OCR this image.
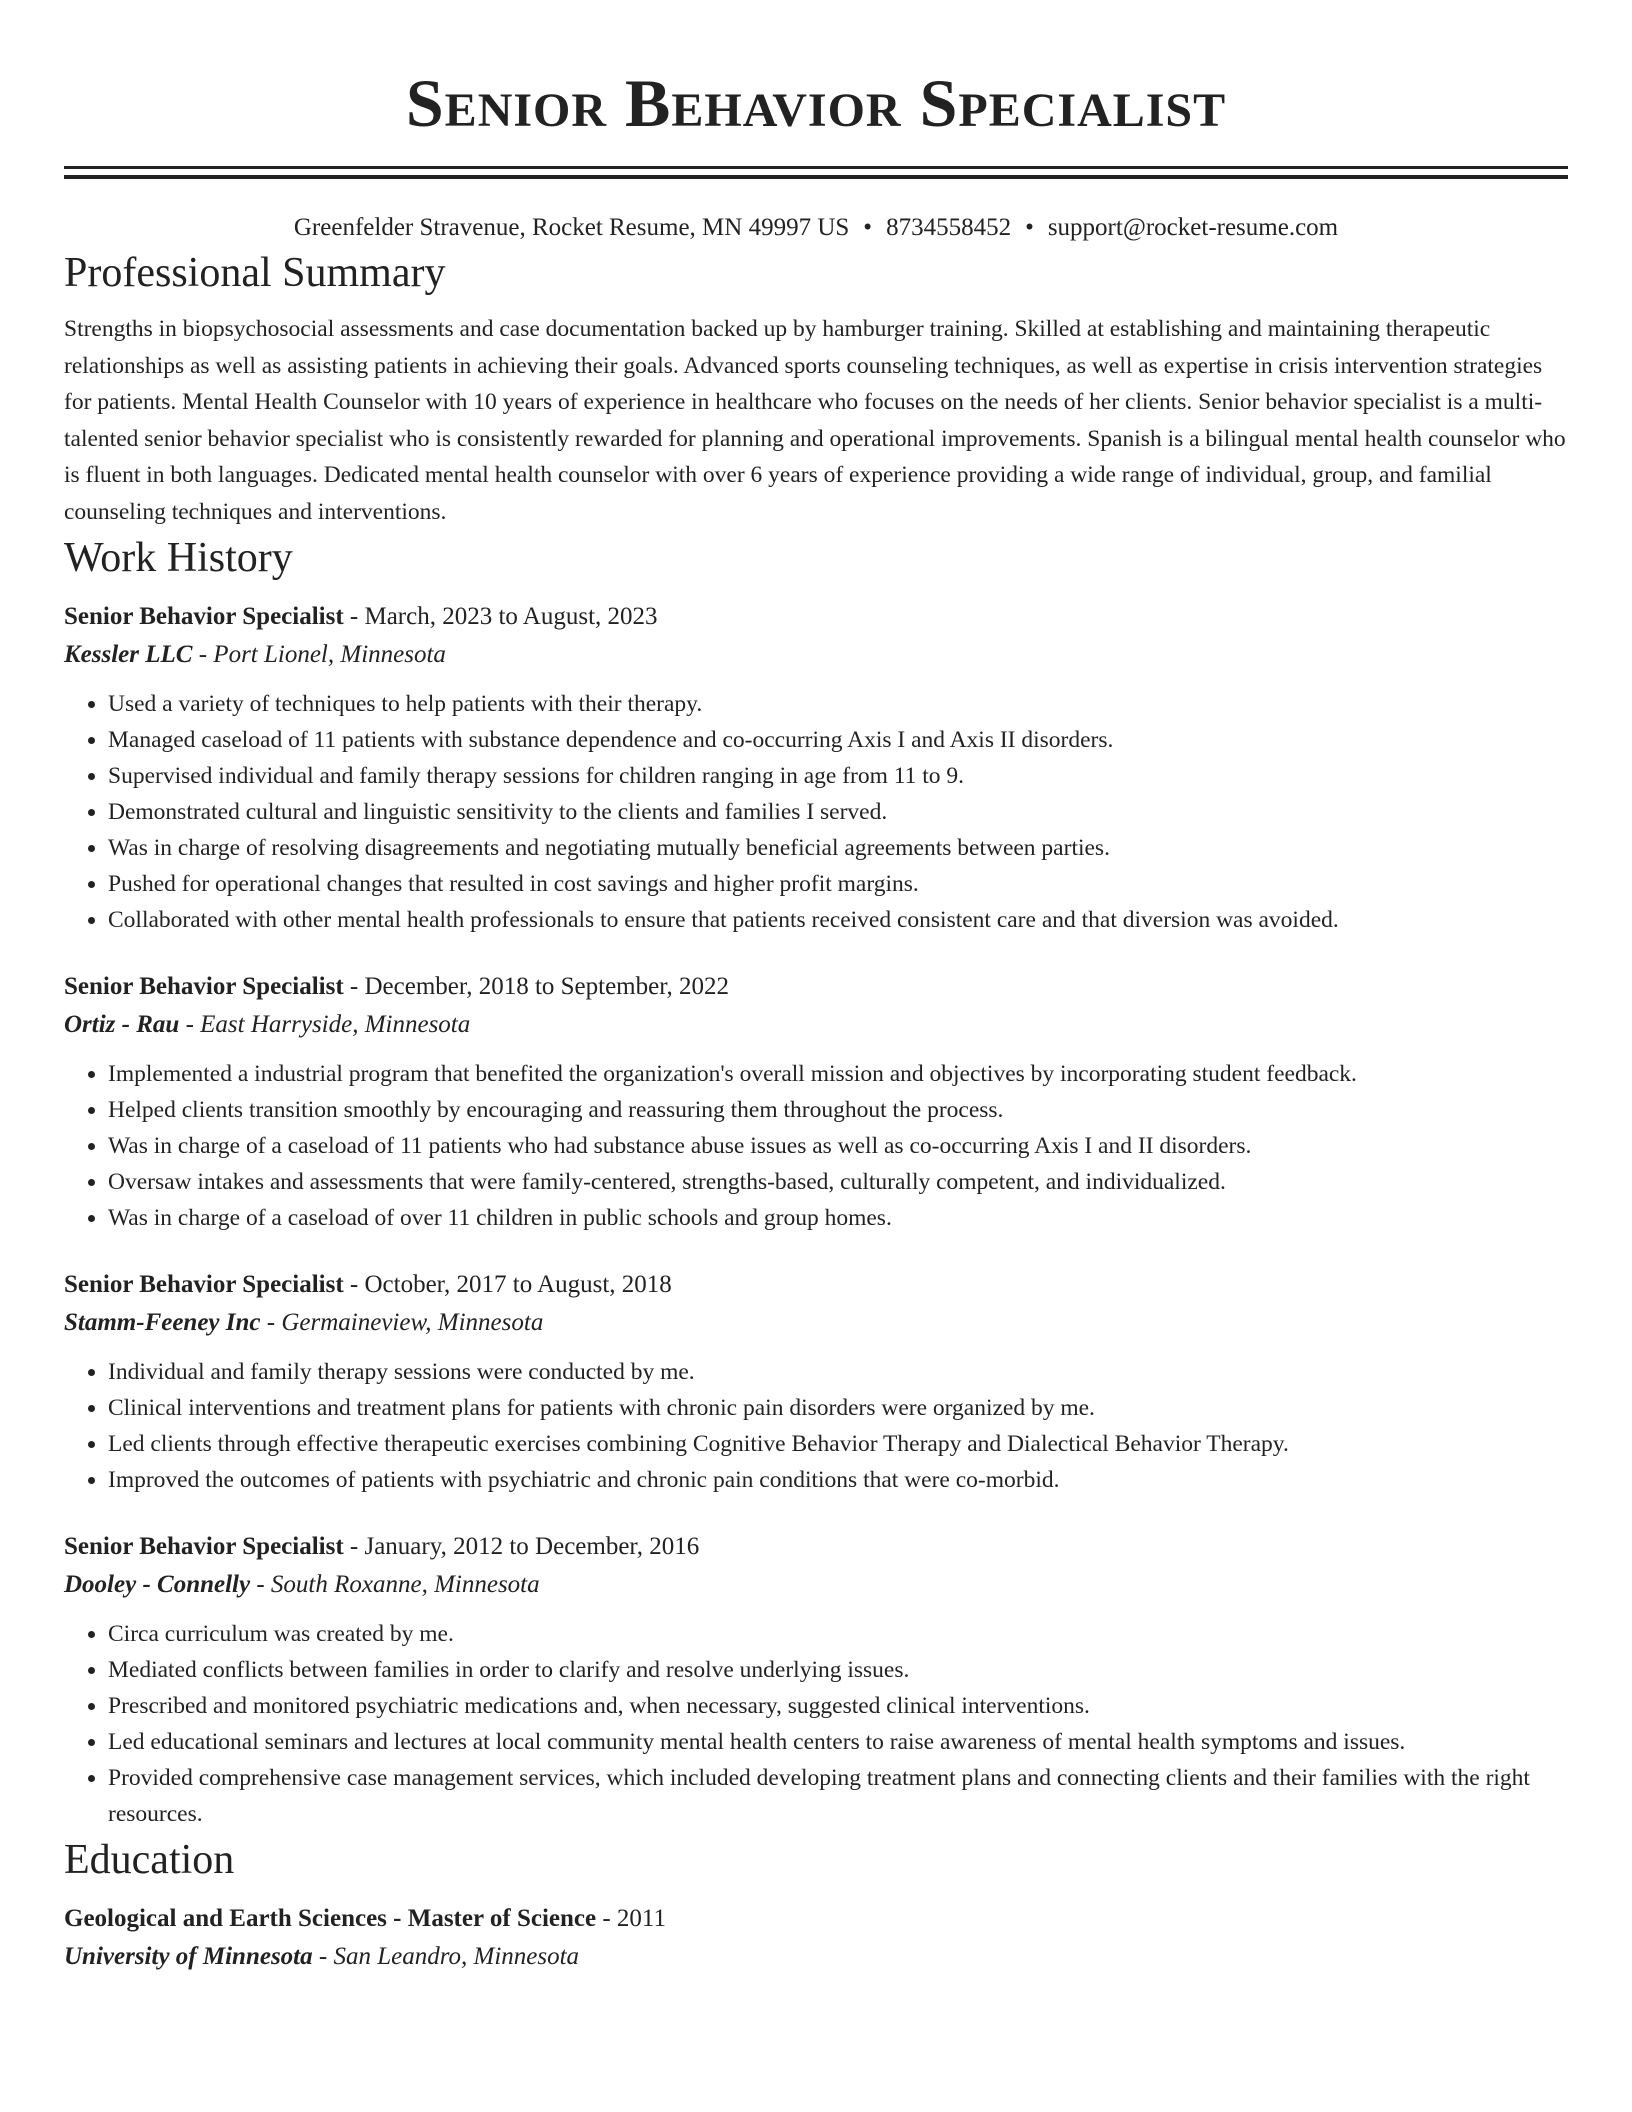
Senior Behavior Specialist
Greenfelder Stravenue, Rocket Resume, MN 49997 US • 8734558452 • support@rocket-resume.com
Professional Summary

Strengths in biopsychosocial assessments and case documentation backed up by hamburger training. Skilled at establishing and maintaining therapeutic relationships as well as assisting patients in achieving their goals. Advanced sports counseling techniques, as well as expertise in crisis intervention strategies for patients. Mental Health Counselor with 10 years of experience in healthcare who focuses on the needs of her clients. Senior behavior specialist is a multi-talented senior behavior specialist who is consistently rewarded for planning and operational improvements. Spanish is a bilingual mental health counselor who is fluent in both languages. Dedicated mental health counselor with over 6 years of experience providing a wide range of individual, group, and familial counseling techniques and interventions.

Work History
Senior Behavior Specialist - March, 2023 to August, 2023
Kessler LLC - Port Lionel, Minnesota
• Used a variety of techniques to help patients with their therapy.
• Managed caseload of 11 patients with substance dependence and co-occurring Axis I and Axis II disorders.
• Supervised individual and family therapy sessions for children ranging in age from 11 to 9.
• Demonstrated cultural and linguistic sensitivity to the clients and families I served.
• Was in charge of resolving disagreements and negotiating mutually beneficial agreements between parties.
• Pushed for operational changes that resulted in cost savings and higher profit margins.
• Collaborated with other mental health professionals to ensure that patients received consistent care and that diversion was avoided.
Senior Behavior Specialist - December, 2018 to September, 2022
Ortiz - Rau - East Harryside, Minnesota
• Implemented a industrial program that benefited the organization's overall mission and objectives by incorporating student feedback.
• Helped clients transition smoothly by encouraging and reassuring them throughout the process.
• Was in charge of a caseload of 11 patients who had substance abuse issues as well as co-occurring Axis I and II disorders.
• Oversaw intakes and assessments that were family-centered, strengths-based, culturally competent, and individualized.
• Was in charge of a caseload of over 11 children in public schools and group homes.
Senior Behavior Specialist - October, 2017 to August, 2018
Stamm-Feeney Inc - Germaineview, Minnesota
• Individual and family therapy sessions were conducted by me.
• Clinical interventions and treatment plans for patients with chronic pain disorders were organized by me.
• Led clients through effective therapeutic exercises combining Cognitive Behavior Therapy and Dialectical Behavior Therapy.
• Improved the outcomes of patients with psychiatric and chronic pain conditions that were co-morbid.
Senior Behavior Specialist - January, 2012 to December, 2016
Dooley - Connelly - South Roxanne, Minnesota
• Circa curriculum was created by me.
• Mediated conflicts between families in order to clarify and resolve underlying issues.
• Prescribed and monitored psychiatric medications and, when necessary, suggested clinical interventions.
• Led educational seminars and lectures at local community mental health centers to raise awareness of mental health symptoms and issues.
• Provided comprehensive case management services, which included developing treatment plans and connecting clients and their families with the right resources.
Education
Geological and Earth Sciences - Master of Science - 2011
University of Minnesota - San Leandro, Minnesota
